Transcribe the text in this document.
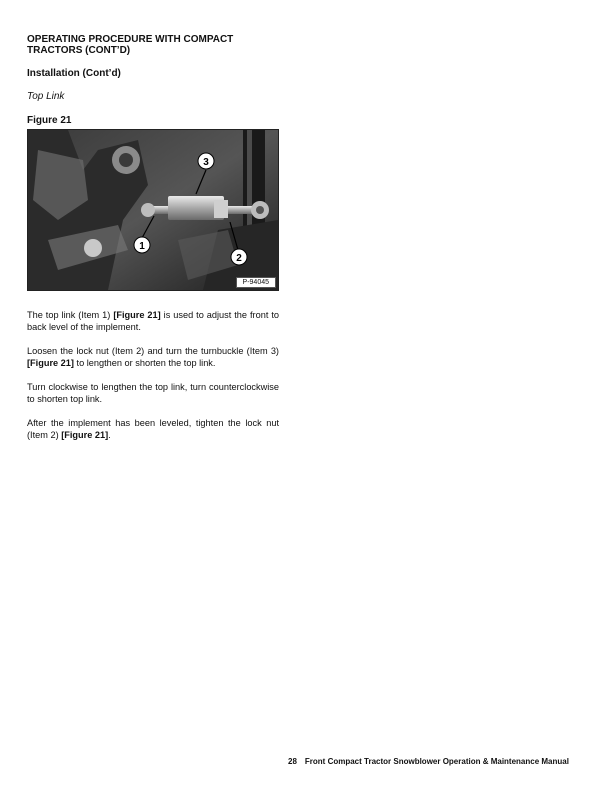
OPERATING PROCEDURE WITH COMPACT TRACTORS (CONT’D)
Installation (Cont’d)

Top Link

Figure 21

3
1
2
P-94045

The top link (Item 1) [Figure 21] is used to adjust the front to back level of the implement.

Loosen the lock nut (Item 2) and turn the turnbuckle (Item 3) [Figure 21] to lengthen or shorten the top link.

Turn clockwise to lengthen the top link, turn counterclockwise to shorten top link.

After the implement has been leveled, tighten the lock nut (Item 2) [Figure 21].

28 Front Compact Tractor Snowblower Operation & Maintenance Manual
